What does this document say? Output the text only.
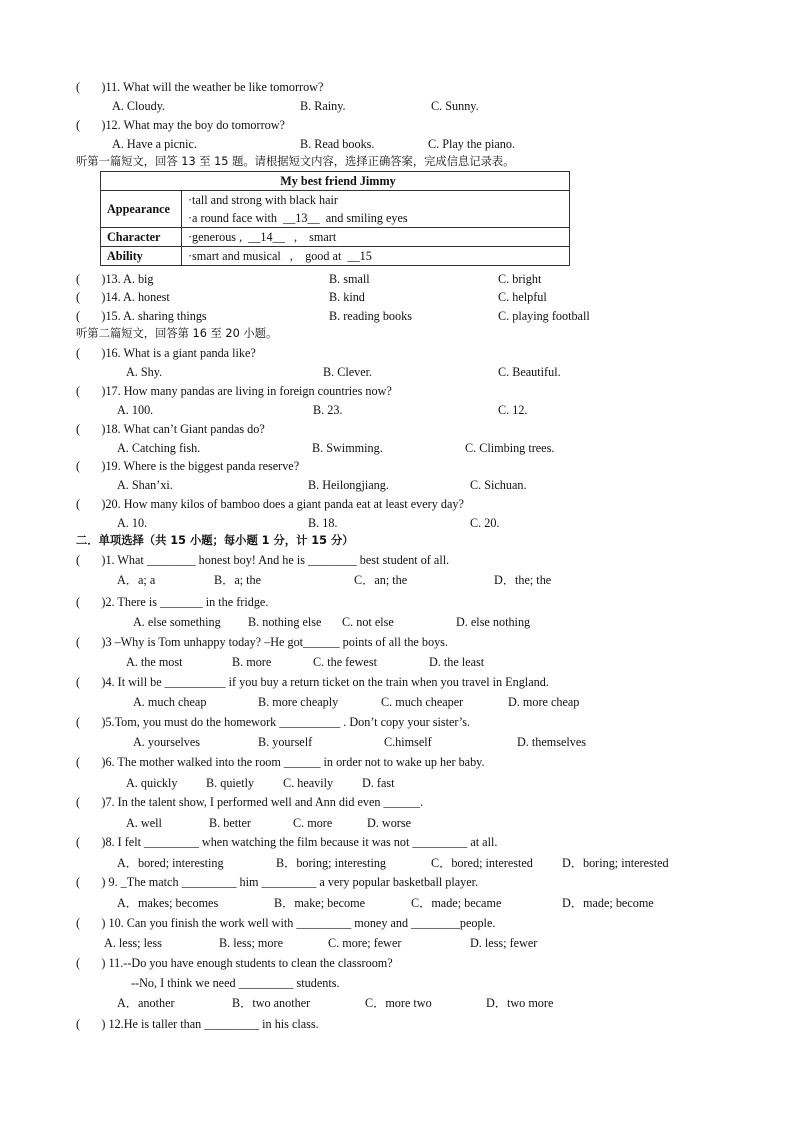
(       )11. What will the weather be like tomorrow?
A. Cloudy.	B. Rainy.	C. Sunny.
(       )12. What may the boy do tomorrow?
A. Have a picnic.	B. Read books.	C. Play the piano.
听第一篇短文，回答 13 至 15 题。请根据短文内容，选择正确答案，完成信息记录表。
My best friend Jimmy	
Appearance	·tall and strong with black hair
·a round face with  __13__  and smiling eyes

Character	·generous ,  __14__   ,    smart
Ability	·smart and musical   ,    good at  __15
(       )13. A. big	B. small	C. bright
(       )14. A. honest	B. kind	C. helpful
(       )15. A. sharing things	B. reading books	C. playing football
听第二篇短文，回答第 16 至 20 小题。
(       )16. What is a giant panda like?
A. Shy.	B. Clever.	C. Beautiful.
(       )17. How many pandas are living in foreign countries now?
A. 100.	B. 23.	C. 12.
(       )18. What can’t Giant pandas do?
A. Catching fish.	B. Swimming.	C. Climbing trees.
(       )19. Where is the biggest panda reserve?
A. Shan’xi.	B. Heilongjiang.	C. Sichuan.
(       )20. How many kilos of bamboo does a giant panda eat at least every day?
A. 10.	B. 18.	C. 20.
二．单项选择（共 15 小题；每小题 1 分，计 15 分）
(       )1. What ________ honest boy! And he is ________ best student of all.
A．a; a	B．a; the	C．an; the	D．the; the
(       )2. There is _______ in the fridge.
A. else something B. nothing else C. not else	D. else nothing
(       )3 –Why is Tom unhappy today? –He got______ points of all the boys.
A. the most	B. more	C. the fewest	D. the least
(       )4. It will be __________ if you buy a return ticket on the train when you travel in England.
A. much cheap	B. more cheaply	C. much cheaper	D. more cheap
(       )5.Tom, you must do the homework __________ . Don’t copy your sister’s.
A. yourselves	B. yourself	C.himself	D. themselves
(       )6. The mother walked into the room ______ in order not to wake up her baby.
A. quickly B. quietly C. heavily D. fast
(       )7. In the talent show, I performed well and Ann did even ______.
A. well	B. better	C. more	D. worse
(       )8. I felt _________ when watching the film because it was not _________ at all.
A．bored; interesting	B．boring; interesting	C．bored; interested D．boring; interested
(       ) 9. _The match _________ him _________ a very popular basketball player.
A．makes; becomes	B．make; become	C．made; became	D．made; become
(       ) 10. Can you finish the work well with _________ money and ________people.
A. less; less	B. less; more	C. more; fewer	D. less; fewer
(       ) 11.--Do you have enough students to clean the classroom?
--No, I think we need _________ students.
A．another	B．two another	C．more two	D．two more
(       ) 12.He is taller than _________ in his class.
